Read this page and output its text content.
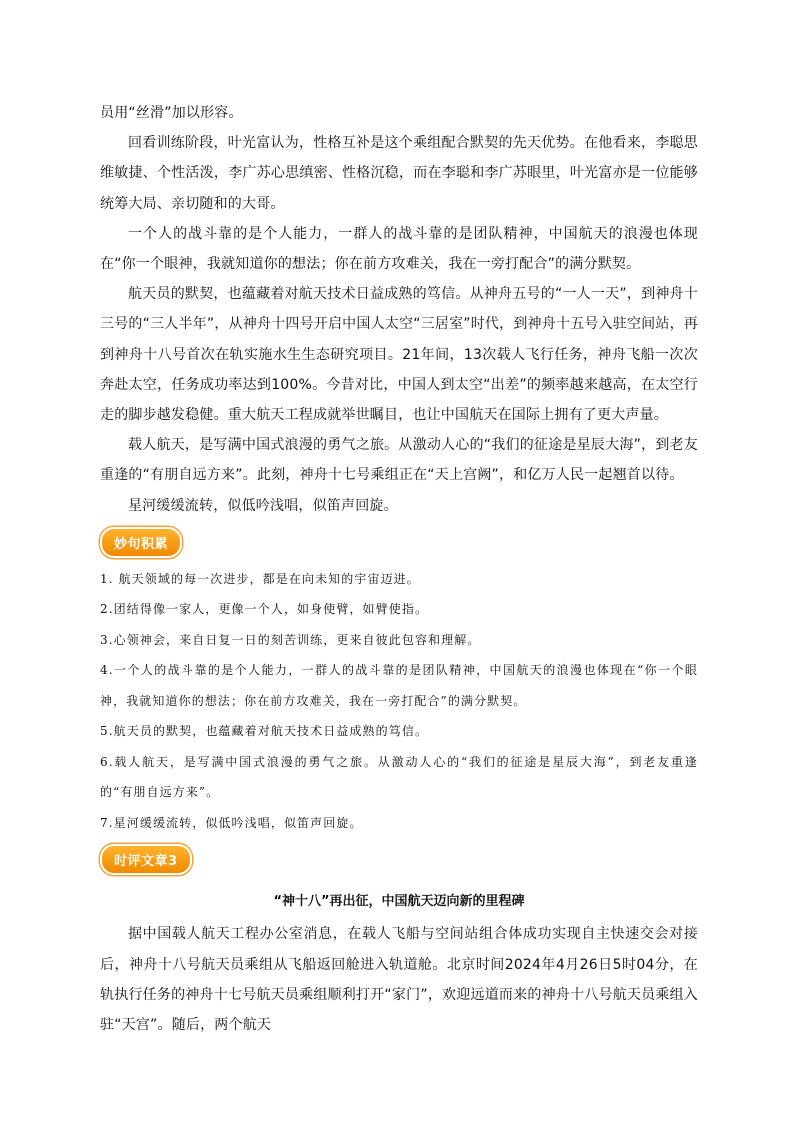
员用“丝滑”加以形容。

回看训练阶段，叶光富认为，性格互补是这个乘组配合默契的先天优势。在他看来，李聪思维敏捷、个性活泼，李广苏心思缜密、性格沉稳，而在李聪和李广苏眼里，叶光富亦是一位能够统筹大局、亲切随和的大哥。

一个人的战斗靠的是个人能力，一群人的战斗靠的是团队精神，中国航天的浪漫也体现在“你一个眼神，我就知道你的想法；你在前方攻难关，我在一旁打配合”的满分默契。

航天员的默契，也蕴藏着对航天技术日益成熟的笃信。从神舟五号的“一人一天”，到神舟十三号的“三人半年”，从神舟十四号开启中国人太空“三居室”时代，到神舟十五号入驻空间站，再到神舟十八号首次在轨实施水生生态研究项目。21年间，13次载人飞行任务，神舟飞船一次次奔赴太空，任务成功率达到100%。今昔对比，中国人到太空“出差”的频率越来越高，在太空行走的脚步越发稳健。重大航天工程成就举世瞩目，也让中国航天在国际上拥有了更大声量。

载人航天，是写满中国式浪漫的勇气之旅。从激动人心的“我们的征途是星辰大海”，到老友重逢的“有朋自远方来”。此刻，神舟十七号乘组正在“天上宫阙”，和亿万人民一起翘首以待。

星河缓缓流转，似低吟浅唱，似笛声回旋。

妙句积累

1. 航天领域的每一次进步，都是在向未知的宇宙迈进。

2.团结得像一家人，更像一个人，如身使臂，如臂使指。

3.心领神会，来自日复一日的刻苦训练，更来自彼此包容和理解。

4.一个人的战斗靠的是个人能力，一群人的战斗靠的是团队精神，中国航天的浪漫也体现在“你一个眼神，我就知道你的想法；你在前方攻难关，我在一旁打配合”的满分默契。

5.航天员的默契，也蕴藏着对航天技术日益成熟的笃信。

6.载人航天，是写满中国式浪漫的勇气之旅。从激动人心的“我们的征途是星辰大海”，到老友重逢的“有朋自远方来”。

7.星河缓缓流转，似低吟浅唱，似笛声回旋。

时评文章3
“神十八”再出征，中国航天迈向新的里程碑

据中国载人航天工程办公室消息，在载人飞船与空间站组合体成功实现自主快速交会对接后，神舟十八号航天员乘组从飞船返回舱进入轨道舱。北京时间2024年4月26日5时04分，在轨执行任务的神舟十七号航天员乘组顺利打开“家门”，欢迎远道而来的神舟十八号航天员乘组入驻“天宫”。随后，两个航天
